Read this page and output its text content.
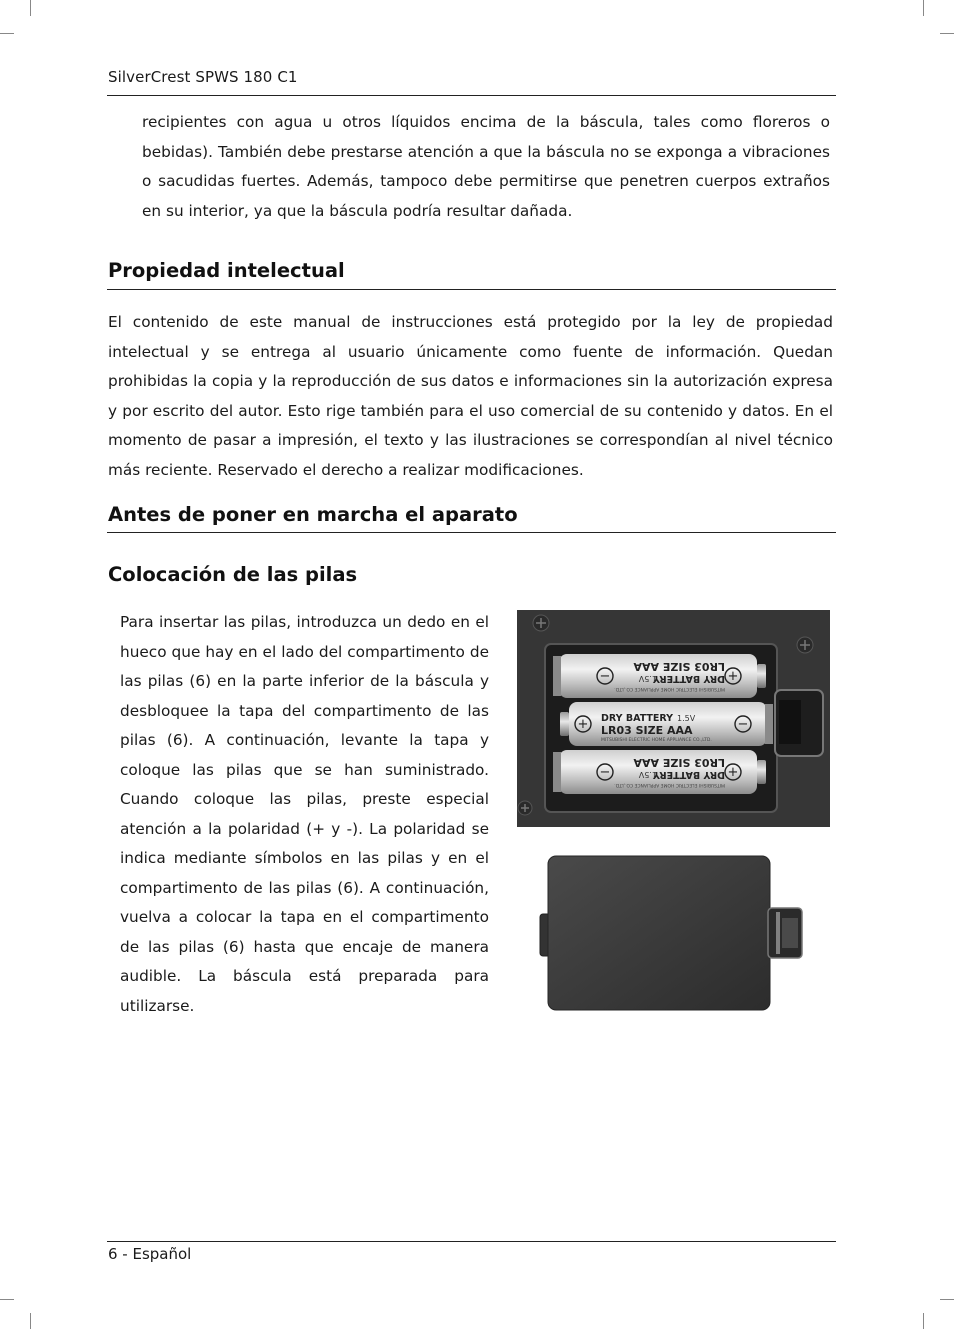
SilverCrest SPWS 180 C1

recipientes con agua u otros líquidos encima de la báscula, tales como floreros o bebidas). También debe prestarse atención a que la báscula no se exponga a vibraciones o sacudidas fuertes. Además, tampoco debe permitirse que penetren cuerpos extraños en su interior, ya que la báscula podría resultar dañada.

Propiedad intelectual

El contenido de este manual de instrucciones está protegido por la ley de propiedad intelectual y se entrega al usuario únicamente como fuente de información. Quedan prohibidas la copia y la reproducción de sus datos e informaciones sin la autorización expresa y por escrito del autor. Esto rige también para el uso comercial de su contenido y datos. En el momento de pasar a impresión, el texto y las ilustraciones se correspondían al nivel técnico más reciente. Reservado el derecho a realizar modificaciones.

Antes de poner en marcha el aparato
Colocación de las pilas

Para insertar las pilas, introduzca un dedo en el hueco que hay en el lado del compartimento de las pilas (6) en la parte inferior de la báscula y desbloquee la tapa del compartimento de las pilas (6). A continuación, levante la tapa y coloque las pilas que se han suministrado. Cuando coloque las pilas, preste especial atención a la polaridad (+ y -). La polaridad se indica mediante símbolos en las pilas y en el compartimento de las pilas (6). A continuación, vuelva a colocar la tapa en el compartimento de las pilas (6) hasta que encaje de manera audible. La báscula está preparada para utilizarse.

+
−	DRY BATTERY
LR03 SIZE AAA
1.5V
MITSUBISHI ELECTRIC HOME APPLIANCE CO.,LTD.
+	−
DRY BATTERY
LR03 SIZE AAA
1.5V
MITSUBISHI ELECTRIC HOME APPLIANCE CO.,LTD.
+
−	DRY BATTERY
LR03 SIZE AAA
1.5V
MITSUBISHI ELECTRIC HOME APPLIANCE CO.,LTD.
6 - Español
